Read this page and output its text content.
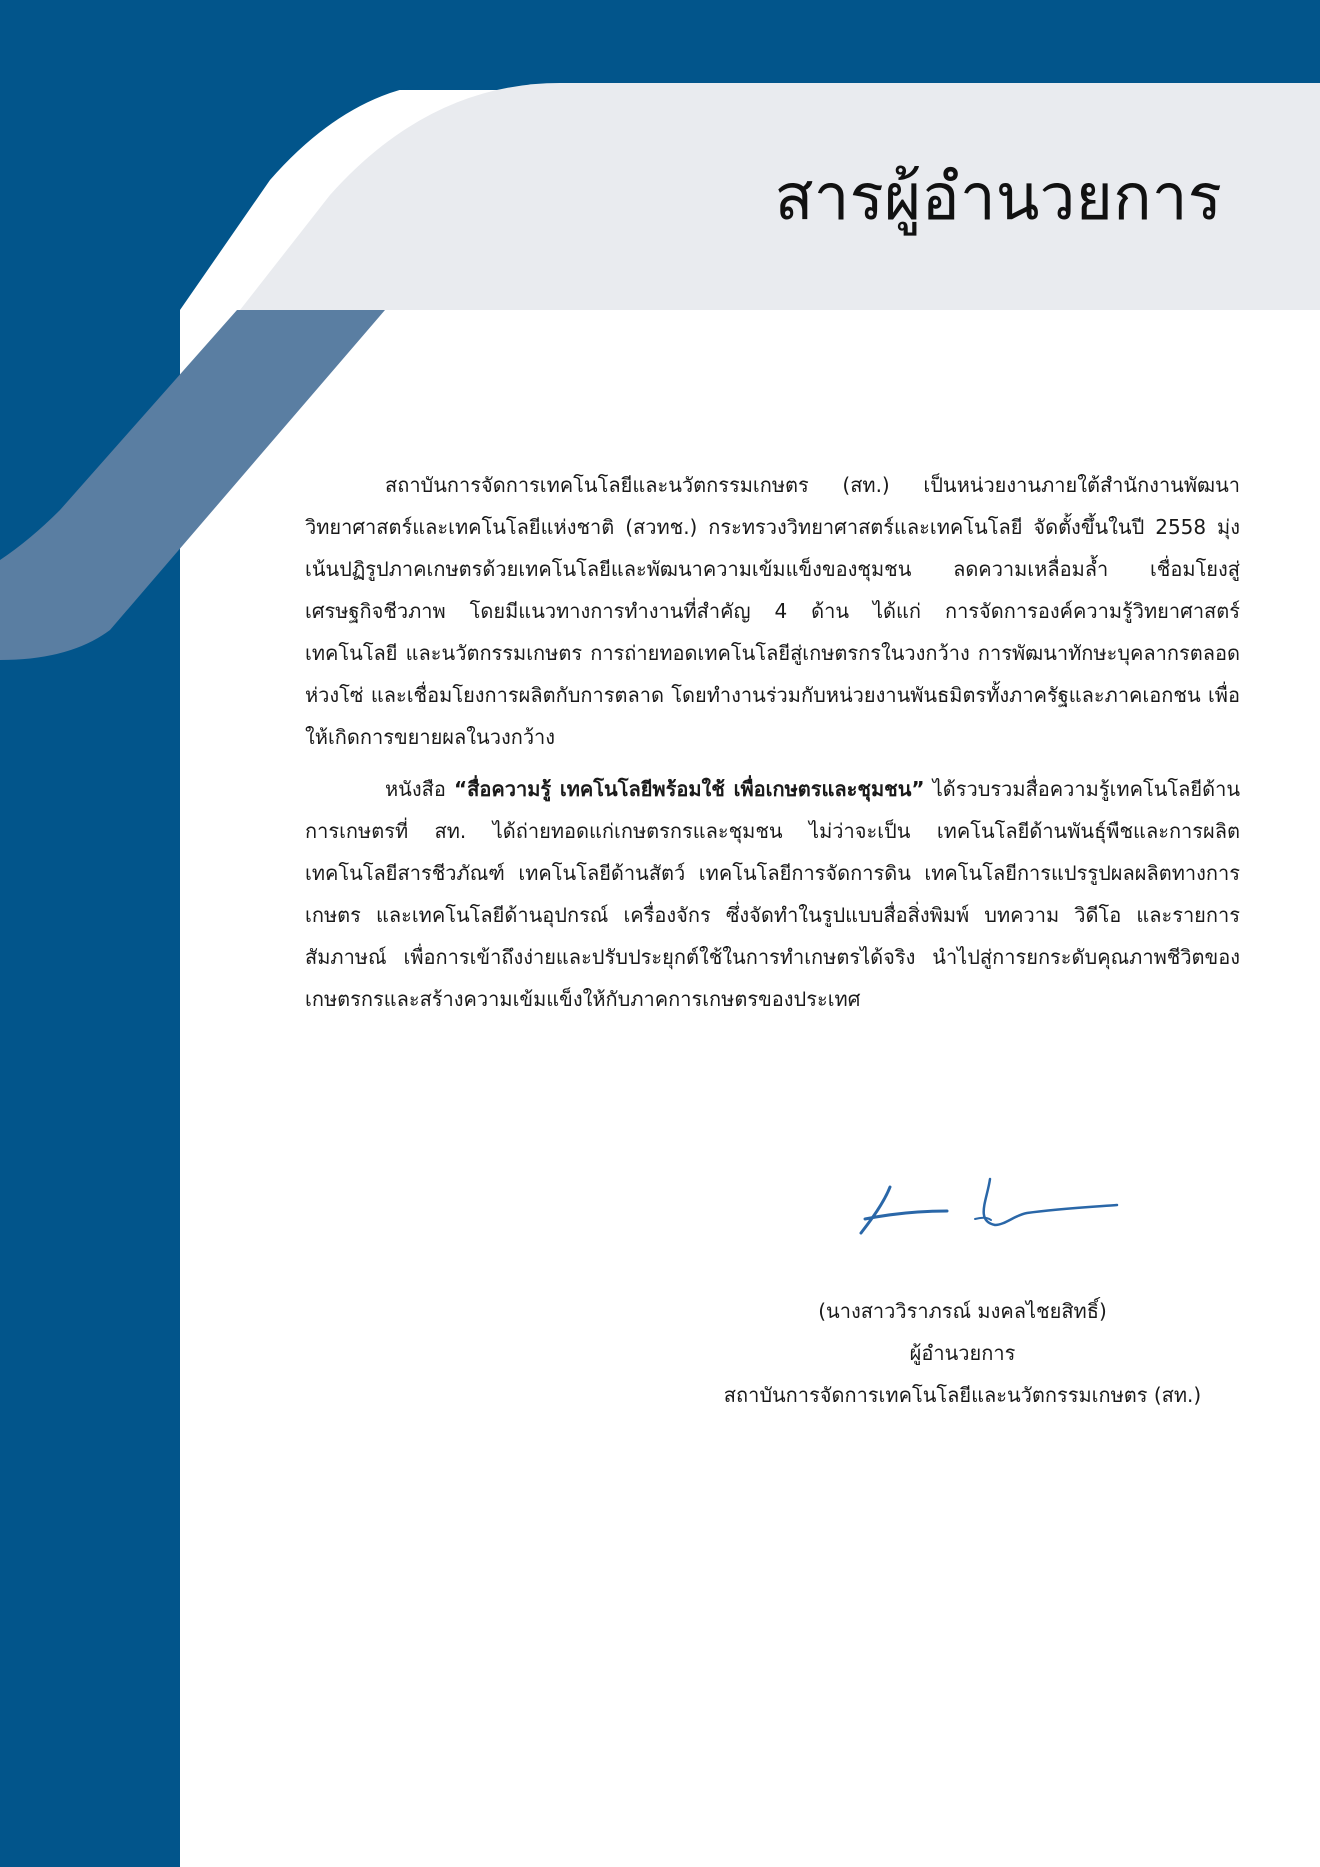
สารผู้อำนวยการ

สถาบันการจัดการเทคโนโลยีและนวัตกรรมเกษตร (สท.) เป็นหน่วยงานภายใต้สำนักงานพัฒนาวิทยาศาสตร์และเทคโนโลยีแห่งชาติ (สวทช.) กระทรวงวิทยาศาสตร์และเทคโนโลยี จัดตั้งขึ้นในปี 2558 มุ่งเน้นปฏิรูปภาคเกษตรด้วยเทคโนโลยีและพัฒนาความเข้มแข็งของชุมชน ลดความเหลื่อมล้ำ เชื่อมโยงสู่เศรษฐกิจชีวภาพ โดยมีแนวทางการทำงานที่สำคัญ 4 ด้าน ได้แก่ การจัดการองค์ความรู้วิทยาศาสตร์ เทคโนโลยี และนวัตกรรมเกษตร การถ่ายทอดเทคโนโลยีสู่เกษตรกรในวงกว้าง การพัฒนาทักษะบุคลากรตลอดห่วงโซ่ และเชื่อมโยงการผลิตกับการตลาด โดยทำงานร่วมกับหน่วยงานพันธมิตรทั้งภาครัฐและภาคเอกชน เพื่อให้เกิดการขยายผลในวงกว้าง

หนังสือ “สื่อความรู้ เทคโนโลยีพร้อมใช้ เพื่อเกษตรและชุมชน” ได้รวบรวมสื่อความรู้เทคโนโลยีด้านการเกษตรที่ สท. ได้ถ่ายทอดแก่เกษตรกรและชุมชน ไม่ว่าจะเป็น เทคโนโลยีด้านพันธุ์พืชและการผลิต เทคโนโลยีสารชีวภัณฑ์ เทคโนโลยีด้านสัตว์ เทคโนโลยีการจัดการดิน เทคโนโลยีการแปรรูปผลผลิตทางการเกษตร และเทคโนโลยีด้านอุปกรณ์ เครื่องจักร ซึ่งจัดทำในรูปแบบสื่อสิ่งพิมพ์ บทความ วิดีโอ และรายการสัมภาษณ์ เพื่อการเข้าถึงง่ายและปรับประยุกต์ใช้ในการทำเกษตรได้จริง นำไปสู่การยกระดับคุณภาพชีวิตของเกษตรกรและสร้างความเข้มแข็งให้กับภาคการเกษตรของประเทศ

(นางสาววิราภรณ์ มงคลไชยสิทธิ์)
ผู้อำนวยการ
สถาบันการจัดการเทคโนโลยีและนวัตกรรมเกษตร (สท.)
